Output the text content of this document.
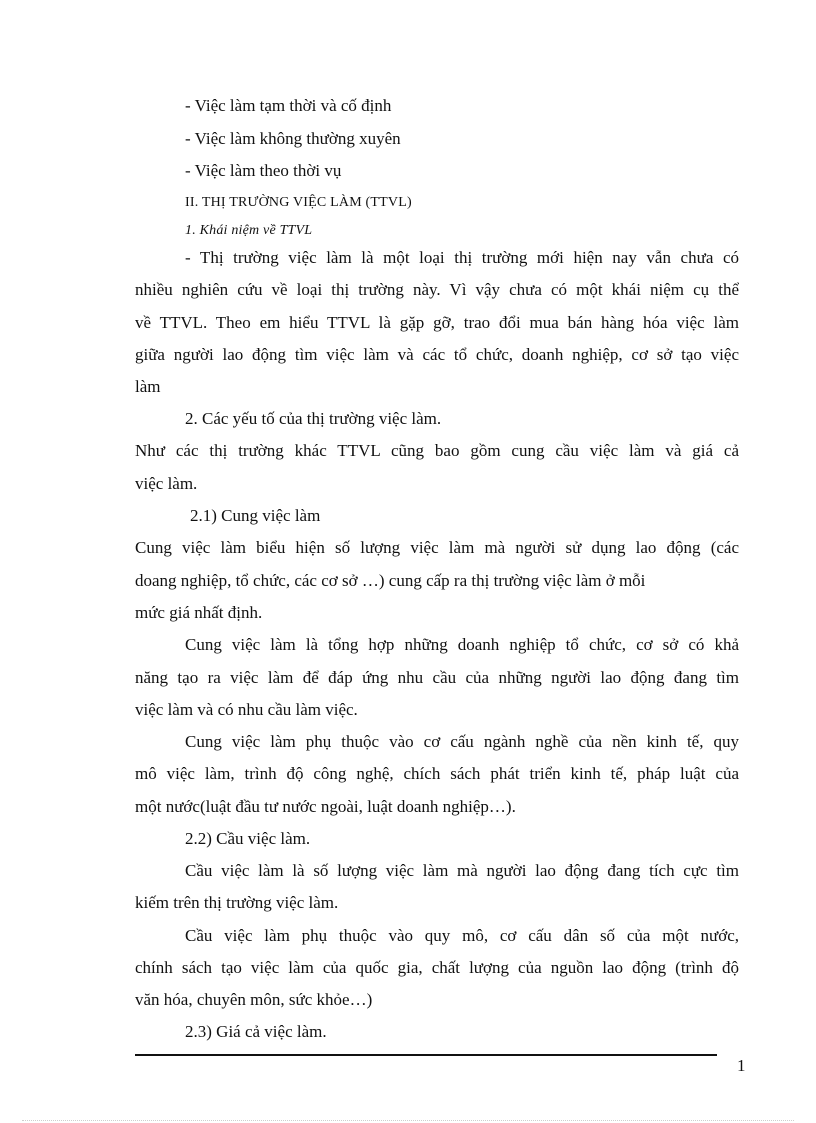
- Việc làm tạm thời và cố định
- Việc làm không thường xuyên
- Việc làm theo thời vụ
II. THỊ TRƯỜNG VIỆC LÀM (TTVL)
1. Khái niệm về TTVL
- Thị trường việc làm là một loại thị trường mới hiện nay vẫn chưa có
nhiều nghiên cứu về loại thị trường này. Vì vậy chưa có một khái niệm cụ thể
về TTVL. Theo em hiểu TTVL là gặp gỡ, trao đổi mua bán hàng hóa việc làm
giữa người lao động tìm việc làm và các tổ chức, doanh nghiệp, cơ sở tạo việc
làm
2. Các yếu tố của thị trường việc làm.
Như các thị trường khác TTVL cũng bao gồm cung cầu việc làm và giá cả
việc làm.
2.1) Cung việc làm
Cung việc làm biểu hiện số lượng việc làm mà người sử dụng lao động (các
doang nghiệp, tổ chức, các cơ sở …) cung cấp ra thị trường việc làm ở mỗi
mức giá nhất định.
Cung việc làm là tổng hợp những doanh nghiệp tổ chức, cơ sở có khả
năng tạo ra việc làm để đáp ứng nhu cầu của những người lao động đang tìm
việc làm và có nhu cầu làm việc.
Cung việc làm phụ thuộc vào cơ cấu ngành nghề của nền kinh tế, quy
mô việc làm, trình độ công nghệ, chích sách phát triển kinh tế, pháp luật của
một nước(luật đầu tư nước ngoài, luật doanh nghiệp…).
2.2) Cầu việc làm.
Cầu việc làm là số lượng việc làm mà người lao động đang tích cực tìm
kiếm trên thị trường việc làm.
Cầu việc làm phụ thuộc vào quy mô, cơ cấu dân số của một nước,
chính sách tạo việc làm của quốc gia, chất lượng của nguồn lao động (trình độ
văn hóa, chuyên môn, sức khỏe…)
2.3) Giá cả việc làm.
1
